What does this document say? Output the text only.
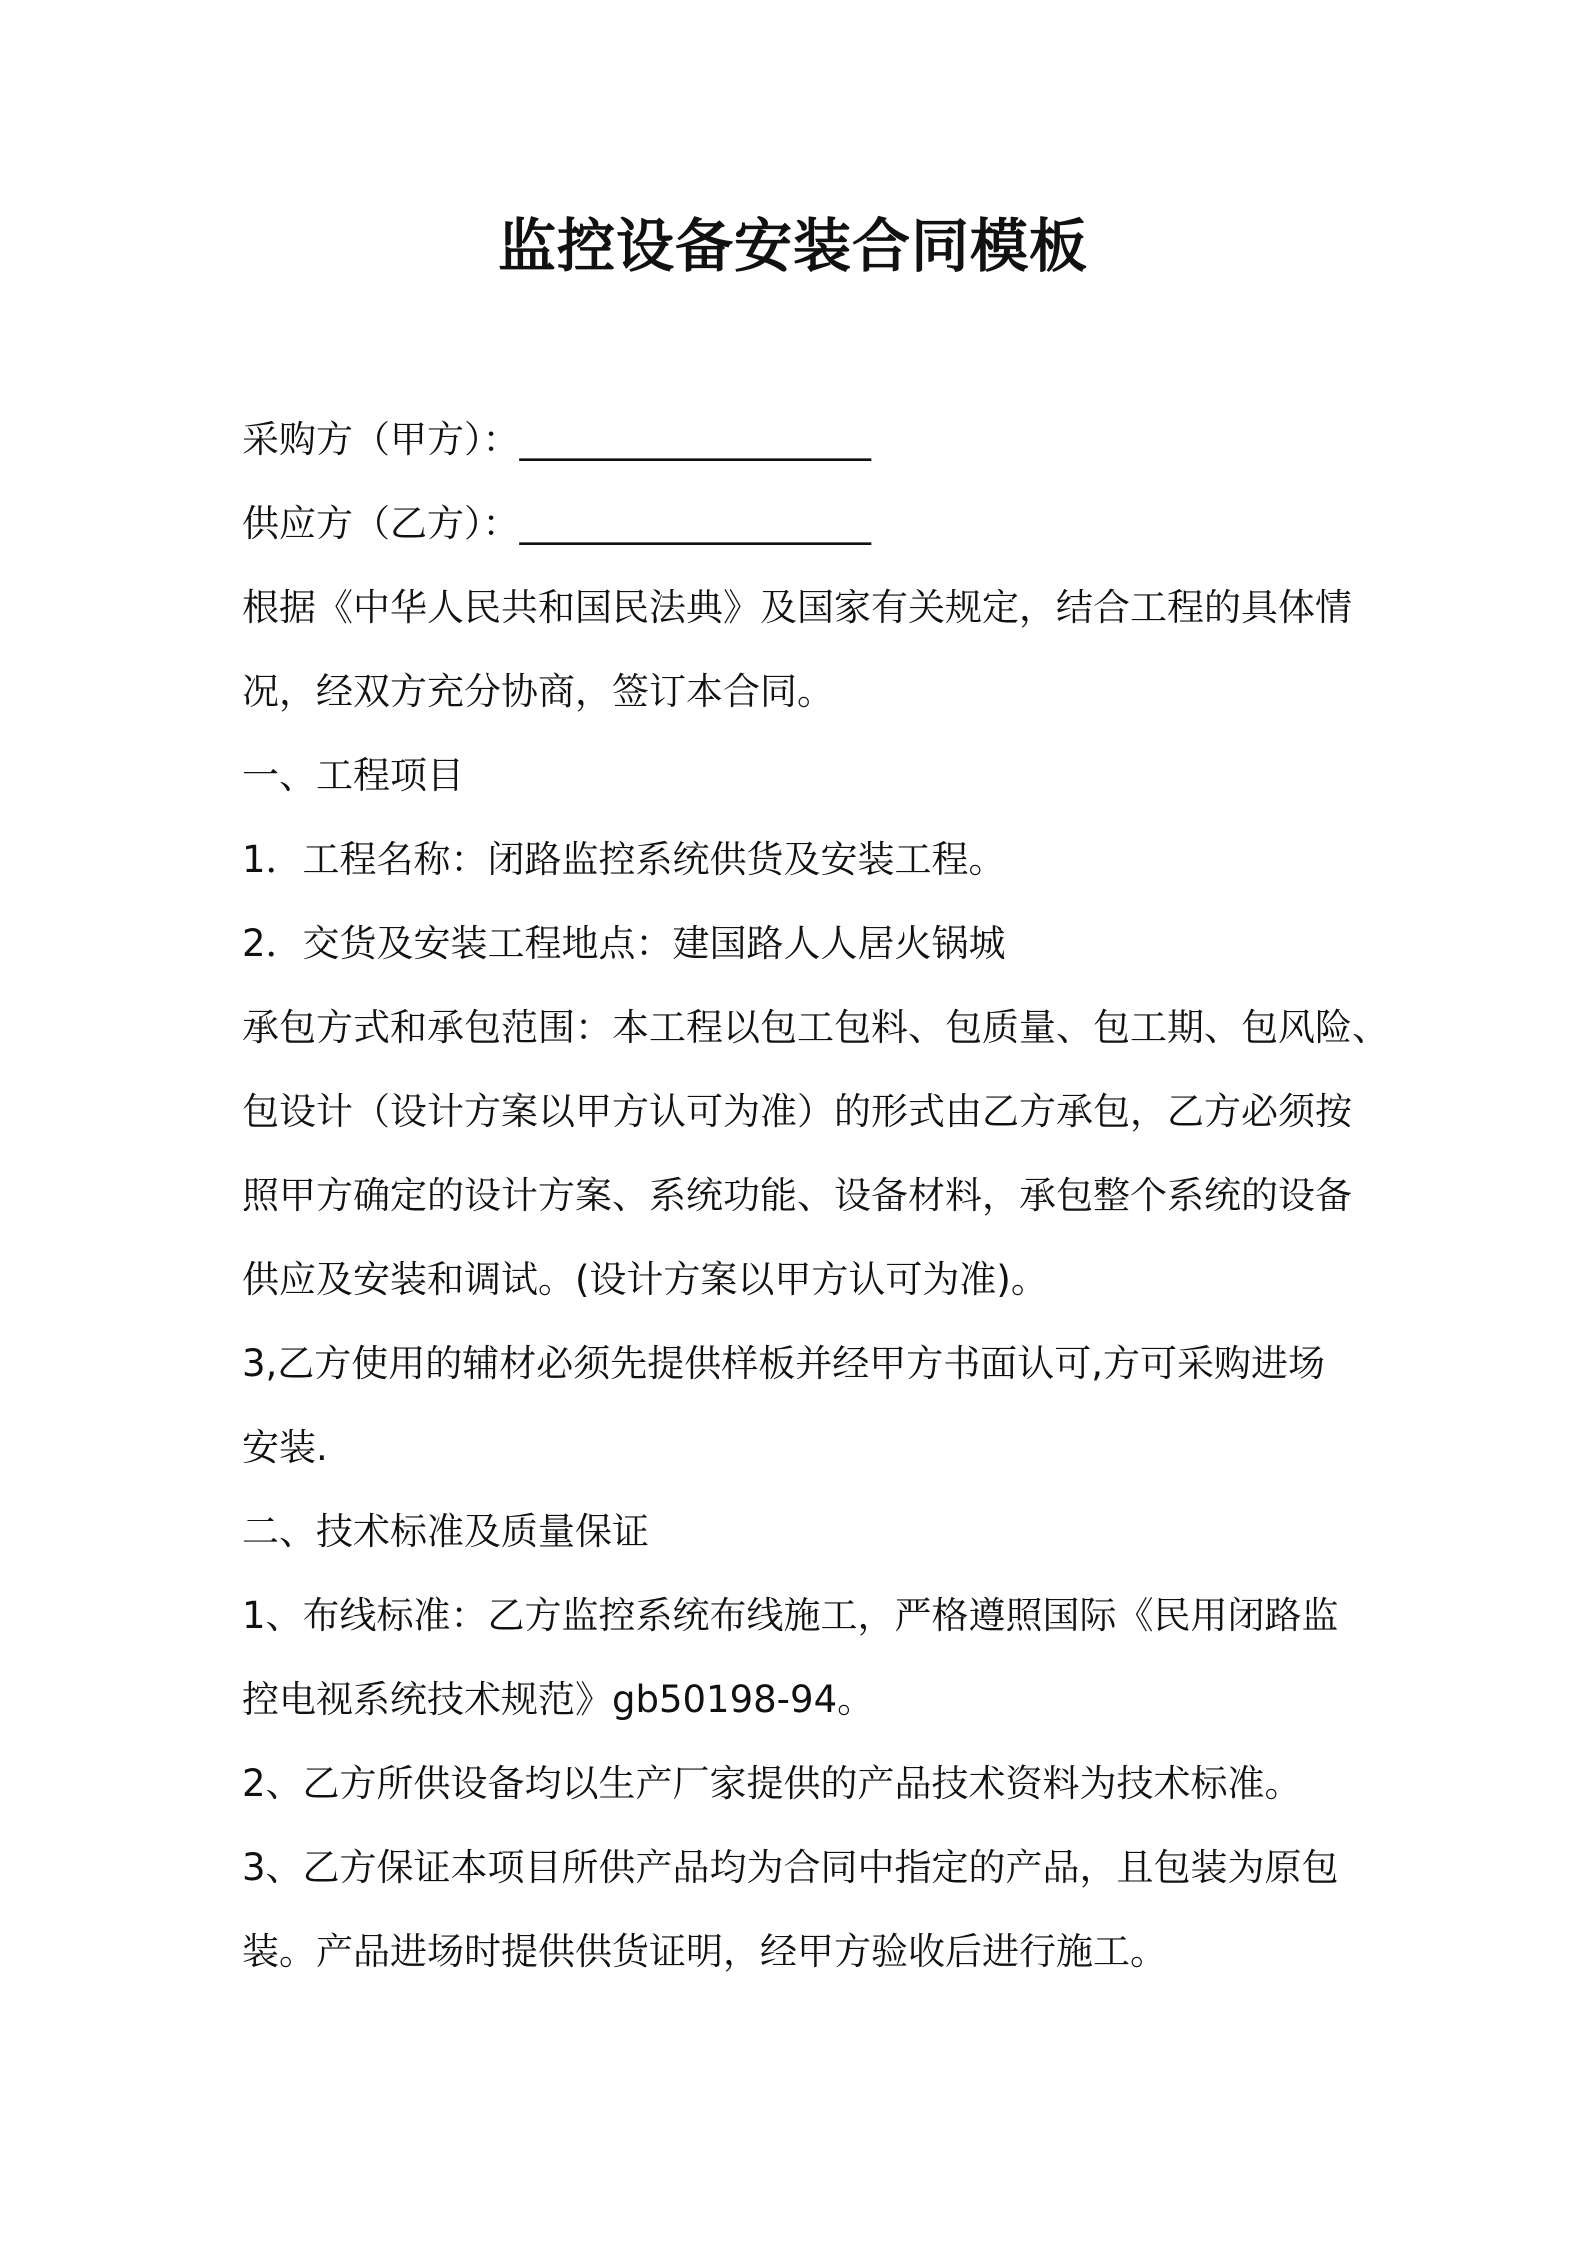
监控设备安装合同模板
采购方（甲方）：___________________
供应方（乙方）：___________________
根据《中华人民共和国民法典》及国家有关规定，结合工程的具体情
况，经双方充分协商，签订本合同。
一、工程项目
1．工程名称：闭路监控系统供货及安装工程。
2．交货及安装工程地点：建国路人人居火锅城
承包方式和承包范围：本工程以包工包料、包质量、包工期、包风险、
包设计（设计方案以甲方认可为准）的形式由乙方承包，乙方必须按
照甲方确定的设计方案、系统功能、设备材料，承包整个系统的设备
供应及安装和调试。(设计方案以甲方认可为准)。
3,乙方使用的辅材必须先提供样板并经甲方书面认可,方可采购进场
安装.
二、技术标准及质量保证
1、布线标准：乙方监控系统布线施工，严格遵照国际《民用闭路监
控电视系统技术规范》gb50198-94。
2、乙方所供设备均以生产厂家提供的产品技术资料为技术标准。
3、乙方保证本项目所供产品均为合同中指定的产品，且包装为原包
装。产品进场时提供供货证明，经甲方验收后进行施工。
